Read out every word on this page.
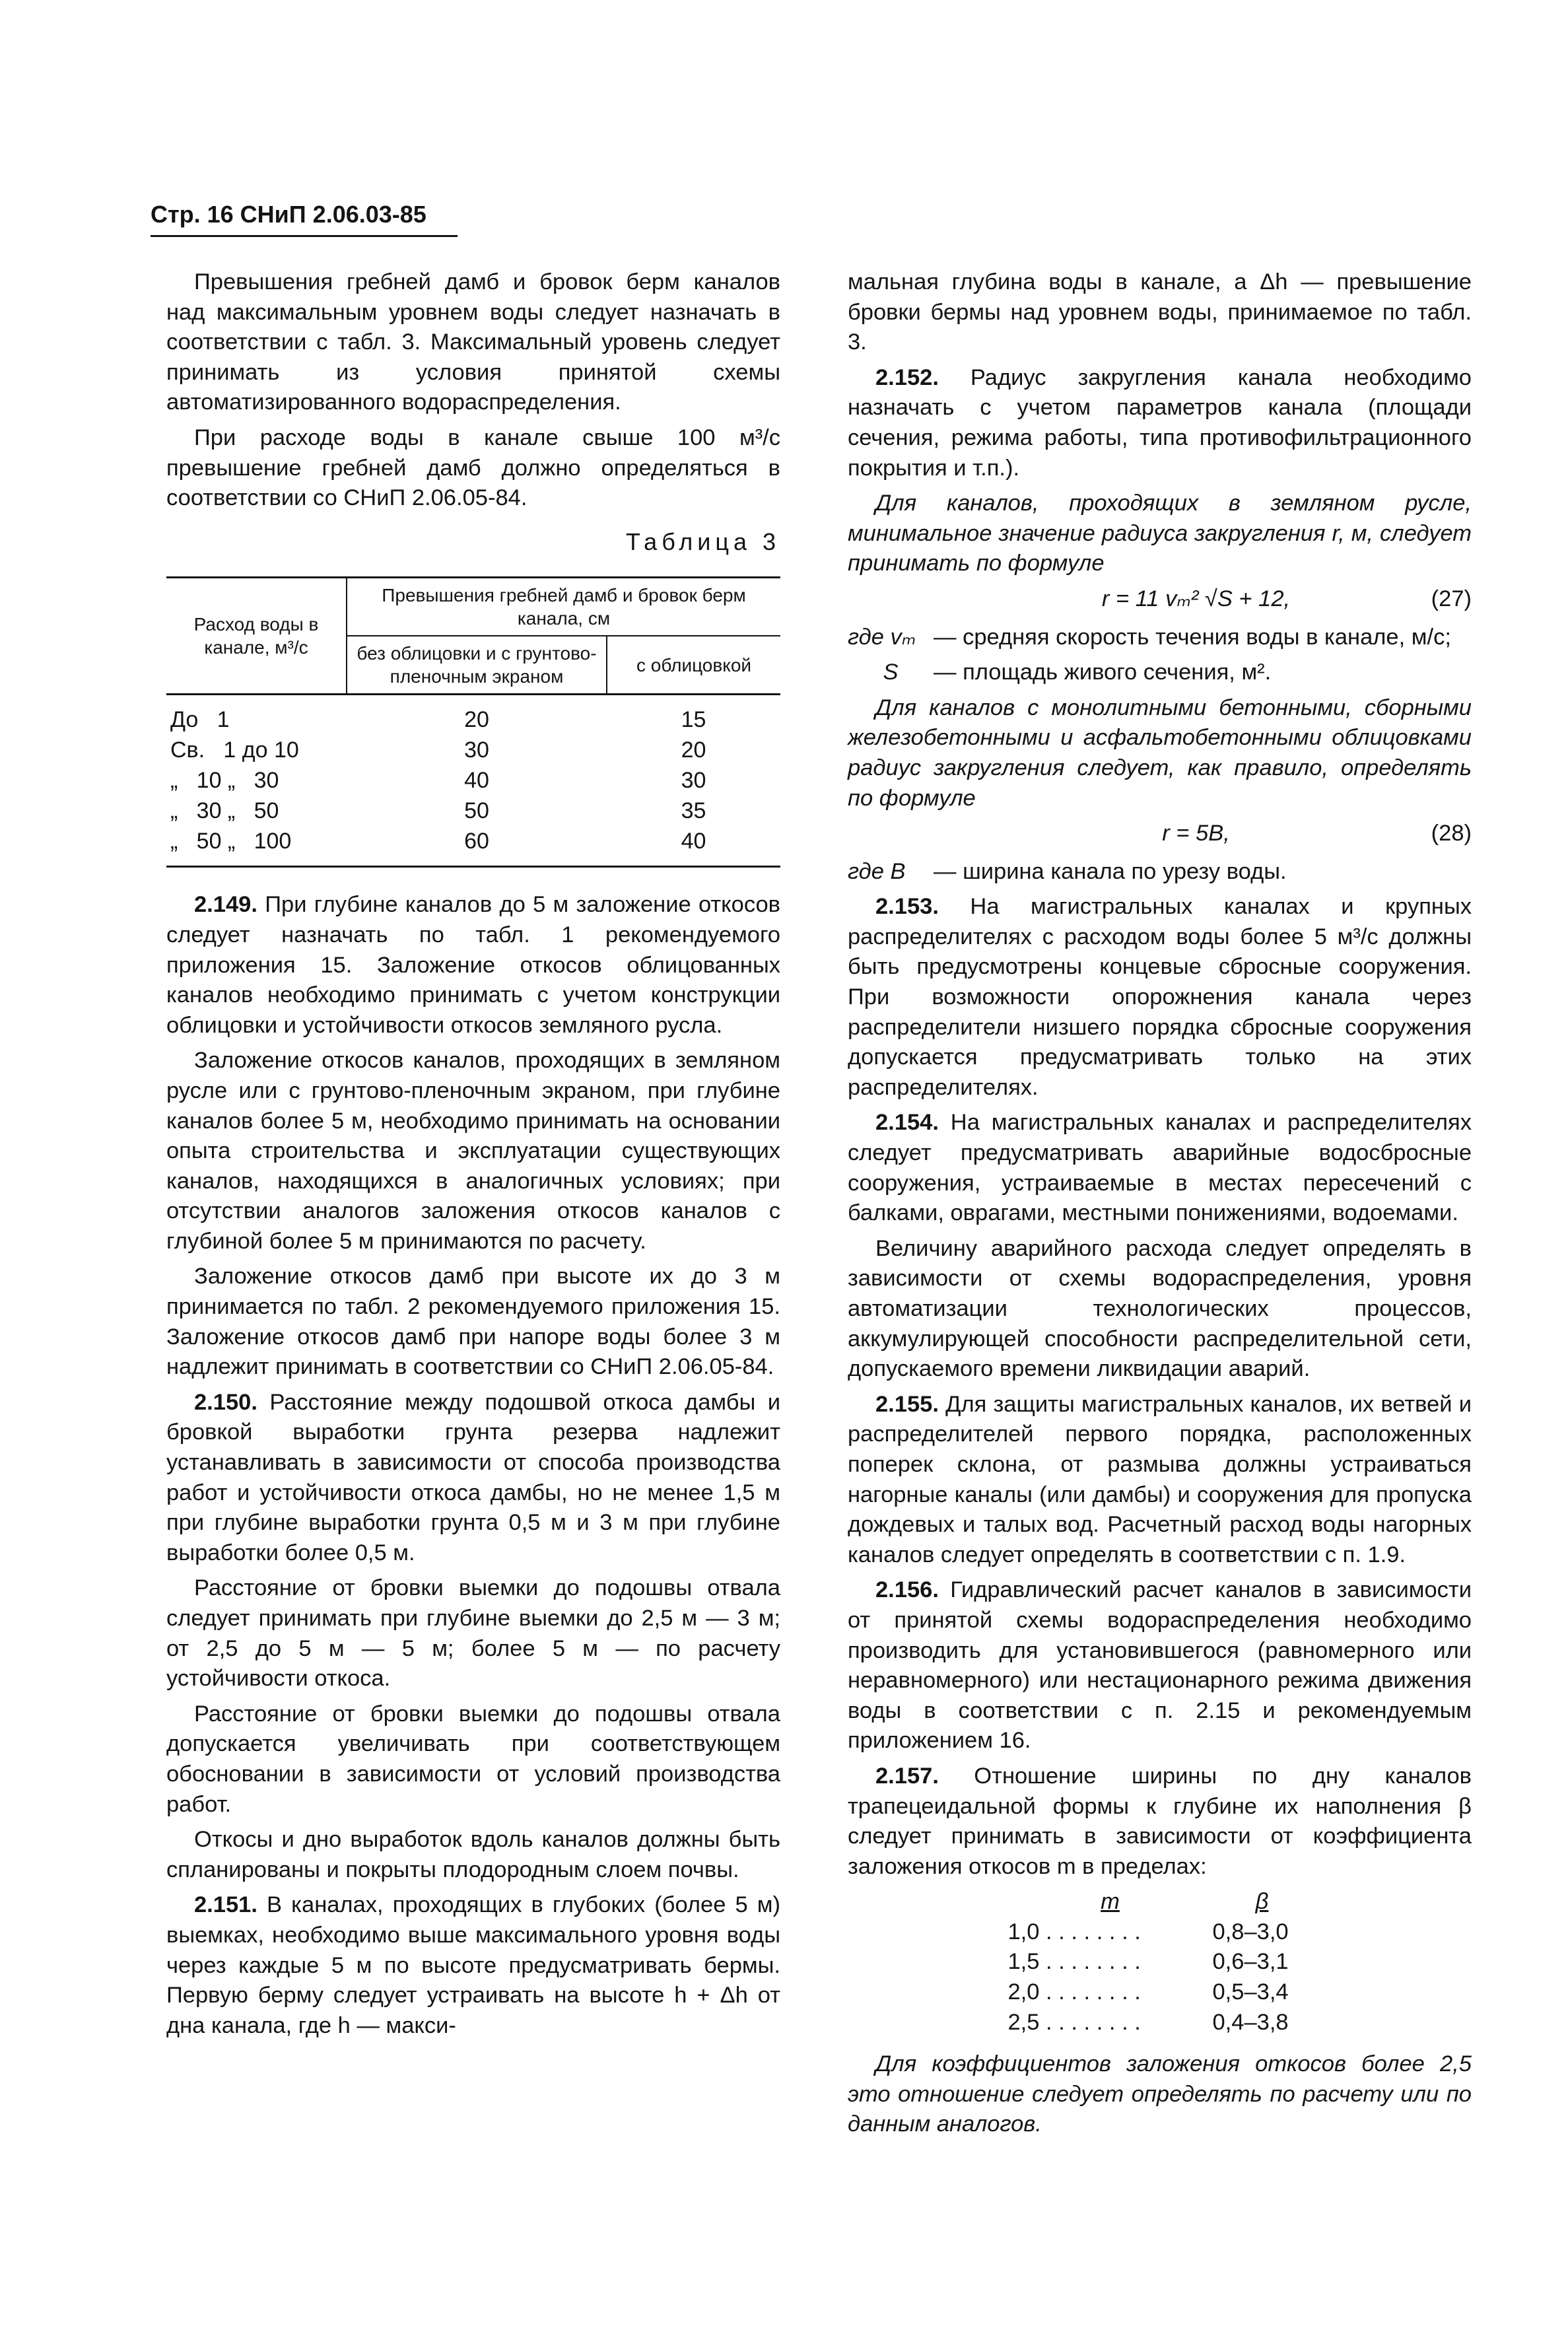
Стр. 16 СНиП 2.06.03-85

Превышения гребней дамб и бровок берм каналов над максимальным уровнем воды следует назначать в соответствии с табл. 3. Максимальный уровень следует принимать из условия принятой схемы автоматизированного водораспределения.

При расходе воды в канале свыше 100 м³/с превышение гребней дамб должно определяться в соответствии со СНиП 2.06.05-84.

Таблица 3
Расход воды в канале, м³/с	Превышения гребней дамб и бровок берм канала, см	
	без облицовки и с грунтово-пленочным экраном	с облицовкой
До   1	20	15
Св.   1 до 10	30	20
„   10 „   30	40	30
„   30 „   50	50	35
„   50 „   100	60	40

2.149. При глубине каналов до 5 м заложение откосов следует назначать по табл. 1 рекомендуемого приложения 15. Заложение откосов облицованных каналов необходимо принимать с учетом конструкции облицовки и устойчивости откосов земляного русла.

Заложение откосов каналов, проходящих в земляном русле или с грунтово-пленочным экраном, при глубине каналов более 5 м, необходимо принимать на основании опыта строительства и эксплуатации существующих каналов, находящихся в аналогичных условиях; при отсутствии аналогов заложения откосов каналов с глубиной более 5 м принимаются по расчету.

Заложение откосов дамб при высоте их до 3 м принимается по табл. 2 рекомендуемого приложения 15. Заложение откосов дамб при напоре воды более 3 м надлежит принимать в соответствии со СНиП 2.06.05-84.

2.150. Расстояние между подошвой откоса дамбы и бровкой выработки грунта резерва надлежит устанавливать в зависимости от способа производства работ и устойчивости откоса дамбы, но не менее 1,5 м при глубине выработки грунта 0,5 м и 3 м при глубине выработки более 0,5 м.

Расстояние от бровки выемки до подошвы отвала следует принимать при глубине выемки до 2,5 м — 3 м; от 2,5 до 5 м — 5 м; более 5 м — по расчету устойчивости откоса.

Расстояние от бровки выемки до подошвы отвала допускается увеличивать при соответствующем обосновании в зависимости от условий производства работ.

Откосы и дно выработок вдоль каналов должны быть спланированы и покрыты плодородным слоем почвы.

2.151. В каналах, проходящих в глубоких (более 5 м) выемках, необходимо выше максимального уровня воды через каждые 5 м по высоте предусматривать бермы. Первую берму следует устраивать на высоте h + Δh от дна канала, где h — макси-

мальная глубина воды в канале, а Δh — превышение бровки бермы над уровнем воды, принимаемое по табл. 3.

2.152. Радиус закругления канала необходимо назначать с учетом параметров канала (площади сечения, режима работы, типа противофильтрационного покрытия и т.п.).

Для каналов, проходящих в земляном русле, минимальное значение радиуса закругления r, м, следует принимать по формуле

r = 11 vₘ² √S + 12,	(27)
где vₘ — средняя скорость течения воды в канале, м/с;
S	— площадь живого сечения, м².

Для каналов с монолитными бетонными, сборными железобетонными и асфальтобетонными облицовками радиус закругления следует, как правило, определять по формуле

r = 5B,	(28)
где B	— ширина канала по урезу воды.

2.153. На магистральных каналах и крупных распределителях с расходом воды более 5 м³/с должны быть предусмотрены концевые сбросные сооружения. При возможности опорожнения канала через распределители низшего порядка сбросные сооружения допускается предусматривать только на этих распределителях.

2.154. На магистральных каналах и распределителях следует предусматривать аварийные водосбросные сооружения, устраиваемые в местах пересечений с балками, оврагами, местными понижениями, водоемами.

Величину аварийного расхода следует определять в зависимости от схемы водораспределения, уровня автоматизации технологических процессов, аккумулирующей способности распределительной сети, допускаемого времени ликвидации аварий.

2.155. Для защиты магистральных каналов, их ветвей и распределителей первого порядка, расположенных поперек склона, от размыва должны устраиваться нагорные каналы (или дамбы) и сооружения для пропуска дождевых и талых вод. Расчетный расход воды нагорных каналов следует определять в соответствии с п. 1.9.

2.156. Гидравлический расчет каналов в зависимости от принятой схемы водораспределения необходимо производить для установившегося (равномерного или неравномерного) или нестационарного режима движения воды в соответствии с п. 2.15 и рекомендуемым приложением 16.

2.157. Отношение ширины по дну каналов трапецеидальной формы к глубине их наполнения β следует принимать в зависимости от коэффициента заложения откосов m в пределах:

m	β
1,0 . . . . . . . .	0,8–3,0
1,5 . . . . . . . .	0,6–3,1
2,0 . . . . . . . .	0,5–3,4
2,5 . . . . . . . .	0,4–3,8

Для коэффициентов заложения откосов более 2,5 это отношение следует определять по расчету или по данным аналогов.
